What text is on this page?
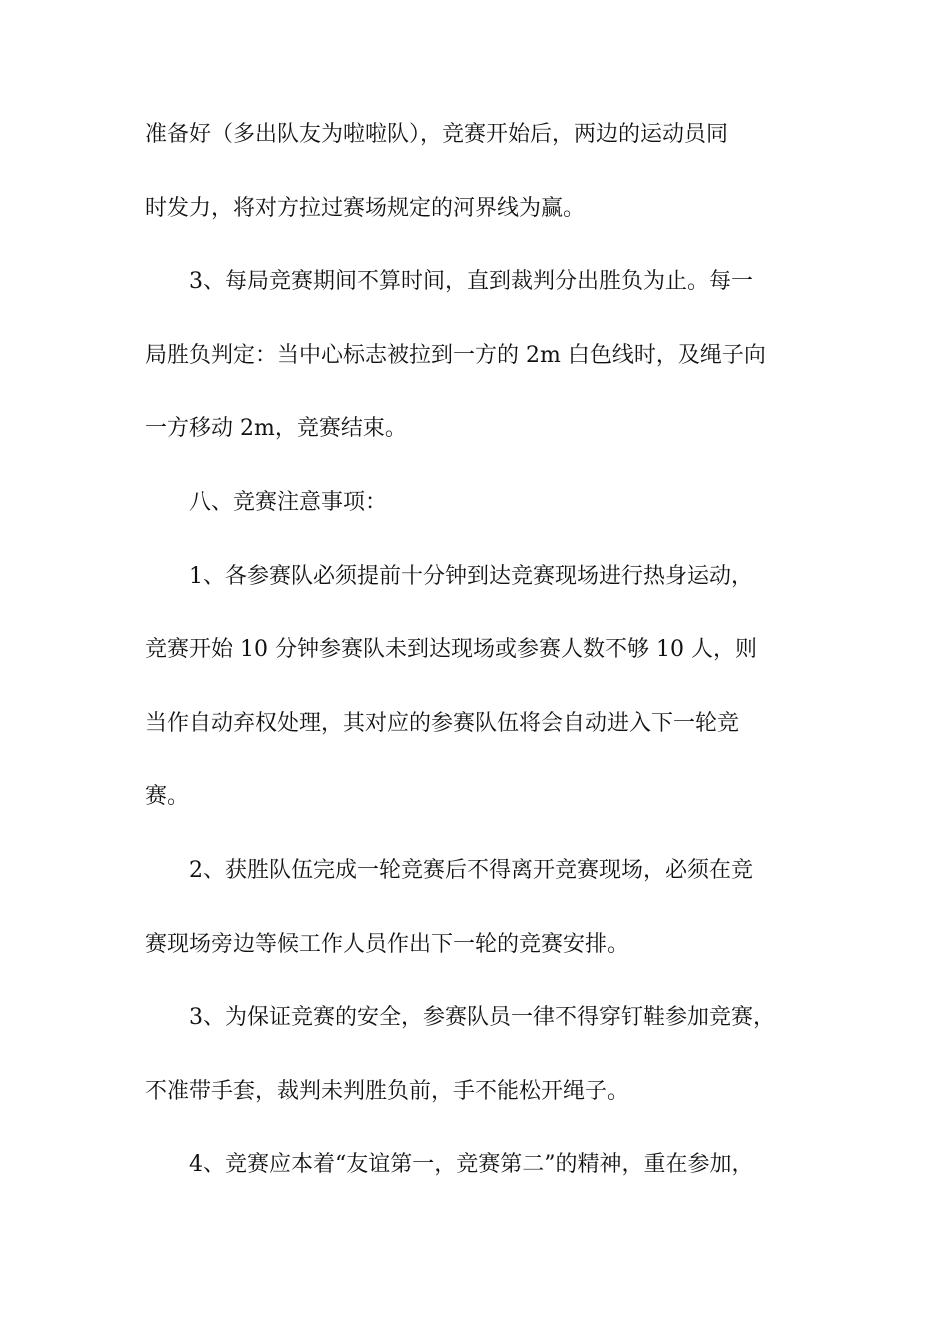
准备好（多出队友为啦啦队），竞赛开始后，两边的运动员同
时发力，将对方拉过赛场规定的河界线为赢。
3、每局竞赛期间不算时间，直到裁判分出胜负为止。每一
局胜负判定：当中心标志被拉到一方的 2m 白色线时，及绳子向
一方移动 2m，竞赛结束。
八、竞赛注意事项：
1、各参赛队必须提前十分钟到达竞赛现场进行热身运动，
竞赛开始 10 分钟参赛队未到达现场或参赛人数不够 10 人，则
当作自动弃权处理，其对应的参赛队伍将会自动进入下一轮竞
赛。
2、获胜队伍完成一轮竞赛后不得离开竞赛现场，必须在竞
赛现场旁边等候工作人员作出下一轮的竞赛安排。
3、为保证竞赛的安全，参赛队员一律不得穿钉鞋参加竞赛，
不准带手套，裁判未判胜负前，手不能松开绳子。
4、竞赛应本着“友谊第一，竞赛第二”的精神，重在参加，
